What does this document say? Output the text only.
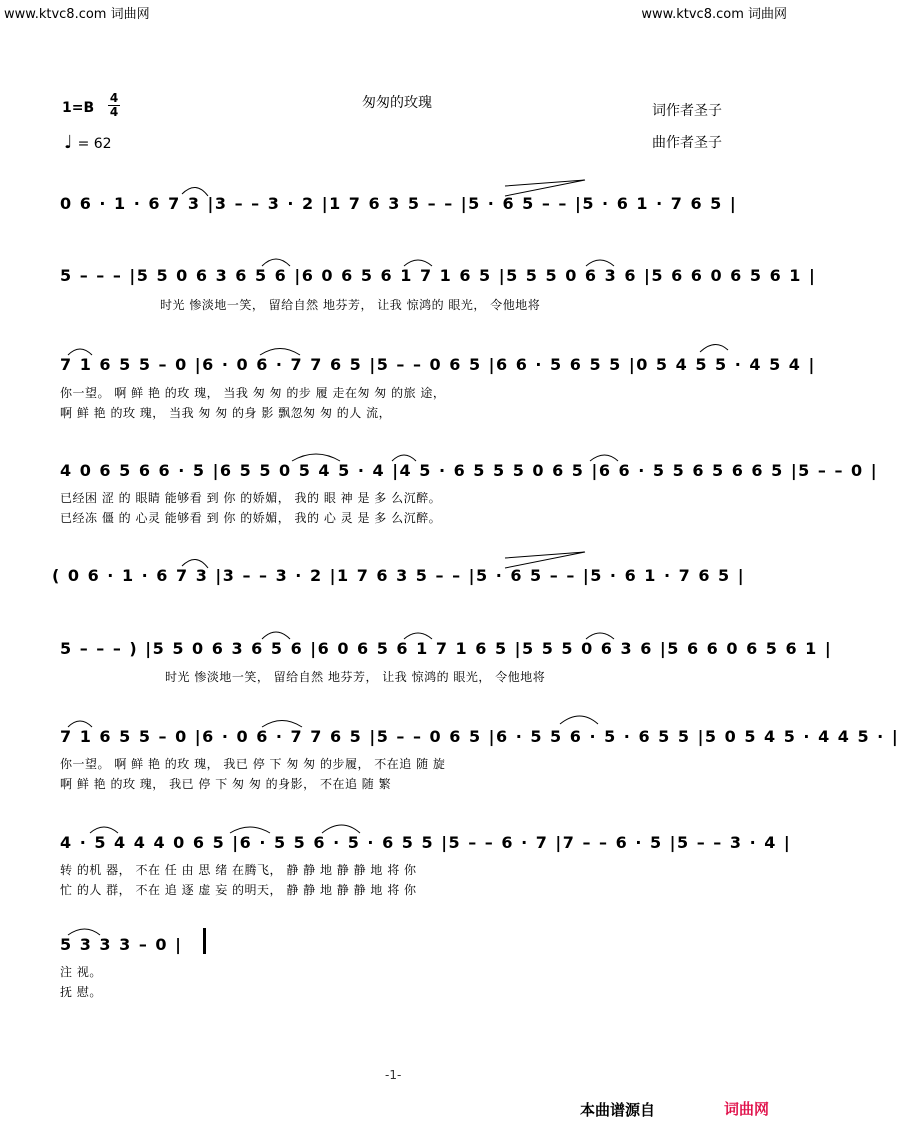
www.ktvc8.com 词曲网	www.ktvc8.com 词曲网
匆匆的玫瑰
1=B
4
4
♩ = 62
词作者圣子
曲作者圣子
0 6 · 1 · 6 7 3 |3 – – 3 · 2 |1 7 6 3 5 – – |5 · 6 5 – – |5 · 6 1 · 7 6 5 |
5 – – – |5 5 0 6 3 6 5 6 |6 0 6 5 6 1 7 1 6 5 |5 5 5 0 6 3 6 |5 6 6 0 6 5 6 1 |
时光 惨淡地一笑， 留给自然 地芬芳， 让我 惊鸿的 眼光， 令他地将
7 1 6 5 5 – 0 |6 · 0 6 · 7 7 6 5 |5 – – 0 6 5 |6 6 · 5 6 5 5 |0 5 4 5 5 · 4 5 4 |
你一望。 啊 鲜 艳 的玫 瑰， 当我 匆 匆 的步 履 走在匆 匆 的旅 途，
啊 鲜 艳 的玫 瑰， 当我 匆 匆 的身 影 飘忽匆 匆 的人 流，
4 0 6 5 6 6 · 5 |6 5 5 0 5 4 5 · 4 |4 5 · 6 5 5 5 0 6 5 |6 6 · 5 5 6 5 6 6 5 |5 – – 0 |
已经困 涩 的 眼睛 能够看 到 你 的娇媚， 我的 眼 神 是 多 么沉醉。
已经冻 僵 的 心灵 能够看 到 你 的娇媚， 我的 心 灵 是 多 么沉醉。
( 0 6 · 1 · 6 7 3 |3 – – 3 · 2 |1 7 6 3 5 – – |5 · 6 5 – – |5 · 6 1 · 7 6 5 |
5 – – – ) |5 5 0 6 3 6 5 6 |6 0 6 5 6 1 7 1 6 5 |5 5 5 0 6 3 6 |5 6 6 0 6 5 6 1 |
时光 惨淡地一笑， 留给自然 地芬芳， 让我 惊鸿的 眼光， 令他地将
7 1 6 5 5 – 0 |6 · 0 6 · 7 7 6 5 |5 – – 0 6 5 |6 · 5 5 6 · 5 · 6 5 5 |5 0 5 4 5 · 4 4 5 · |
你一望。 啊 鲜 艳 的玫 瑰， 我已 停 下 匆 匆 的步履， 不在追 随 旋
啊 鲜 艳 的玫 瑰， 我已 停 下 匆 匆 的身影， 不在追 随 繁
4 · 5 4 4 4 0 6 5 |6 · 5 5 6 · 5 · 6 5 5 |5 – – 6 · 7 |7 – – 6 · 5 |5 – – 3 · 4 |
转 的机 器， 不在 任 由 思 绪 在腾飞， 静 静 地 静 静 地 将 你
忙 的人 群， 不在 追 逐 虚 妄 的明天， 静 静 地 静 静 地 将 你
5 3 3 3 – 0 |
注 视。
抚 慰。
-1-
本曲谱源自	词曲网
